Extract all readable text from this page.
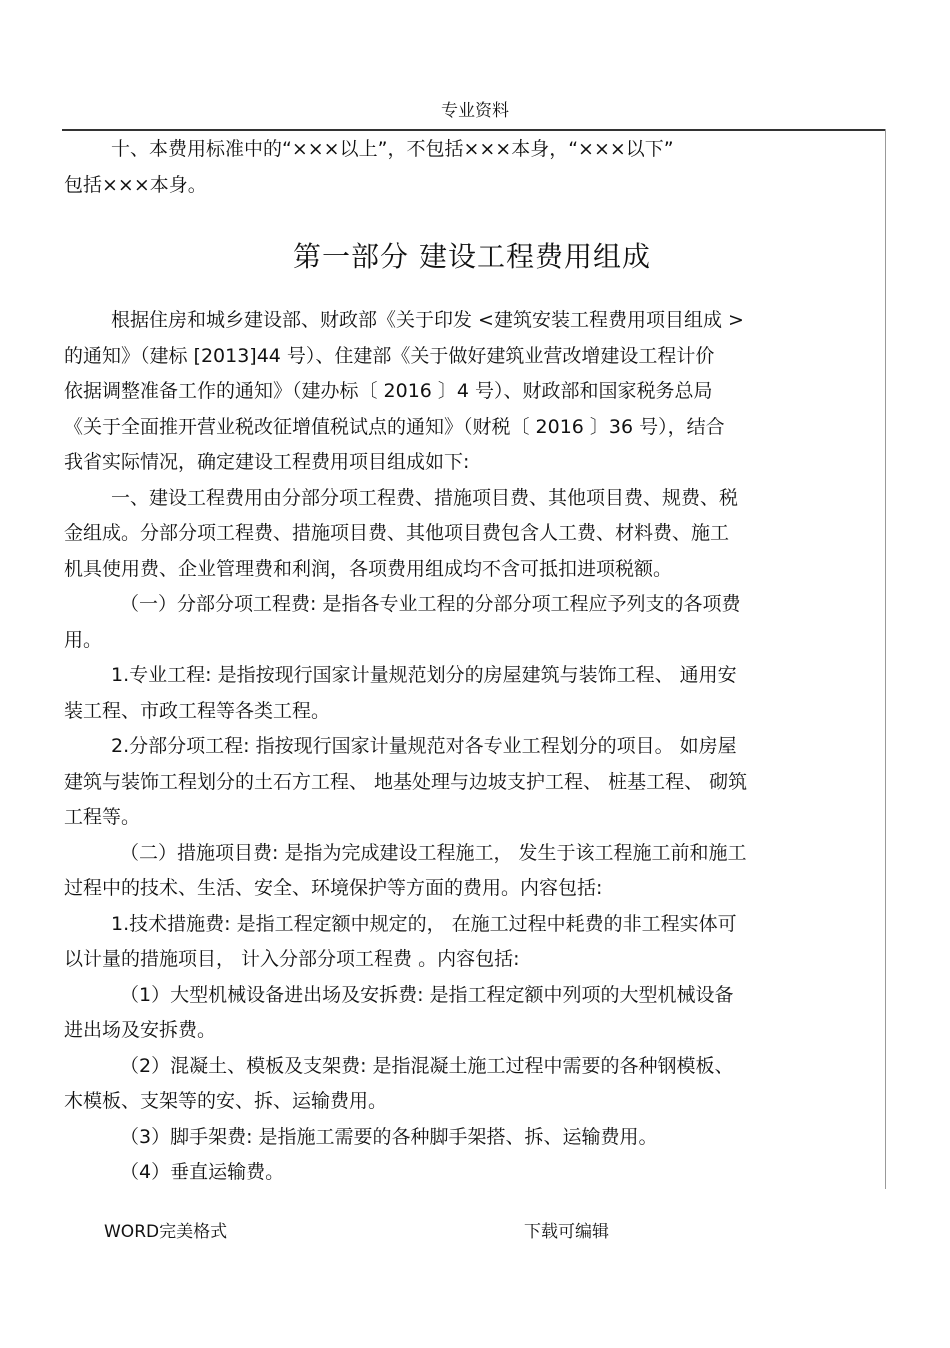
专业资料

十、本费用标准中的“×××以上”，不包括×××本身，“×××以下”

包括×××本身。

第一部分 建设工程费用组成

根据住房和城乡建设部、财政部《关于印发 <建筑安装工程费用项目组成 >

的通知》（建标 [2013]44 号）、住建部《关于做好建筑业营改增建设工程计价

依据调整准备工作的通知》（建办标〔 2016 〕4 号）、财政部和国家税务总局

《关于全面推开营业税改征增值税试点的通知》（财税〔 2016 〕36 号），结合

我省实际情况，确定建设工程费用项目组成如下:

一、建设工程费用由分部分项工程费、措施项目费、其他项目费、规费、税

金组成。分部分项工程费、措施项目费、其他项目费包含人工费、材料费、施工

机具使用费、企业管理费和利润，各项费用组成均不含可抵扣进项税额。

（一）分部分项工程费: 是指各专业工程的分部分项工程应予列支的各项费

用。

1.专业工程: 是指按现行国家计量规范划分的房屋建筑与装饰工程、 通用安

装工程、市政工程等各类工程。

2.分部分项工程: 指按现行国家计量规范对各专业工程划分的项目。 如房屋

建筑与装饰工程划分的土石方工程、 地基处理与边坡支护工程、 桩基工程、 砌筑

工程等。

（二）措施项目费: 是指为完成建设工程施工， 发生于该工程施工前和施工

过程中的技术、生活、安全、环境保护等方面的费用。内容包括:

1.技术措施费: 是指工程定额中规定的， 在施工过程中耗费的非工程实体可

以计量的措施项目， 计入分部分项工程费 。内容包括:

（1）大型机械设备进出场及安拆费: 是指工程定额中列项的大型机械设备

进出场及安拆费。

（2）混凝土、模板及支架费: 是指混凝土施工过程中需要的各种钢模板、

木模板、支架等的安、拆、运输费用。

（3）脚手架费: 是指施工需要的各种脚手架搭、拆、运输费用。

（4）垂直运输费。

WORD完美格式	下载可编辑
